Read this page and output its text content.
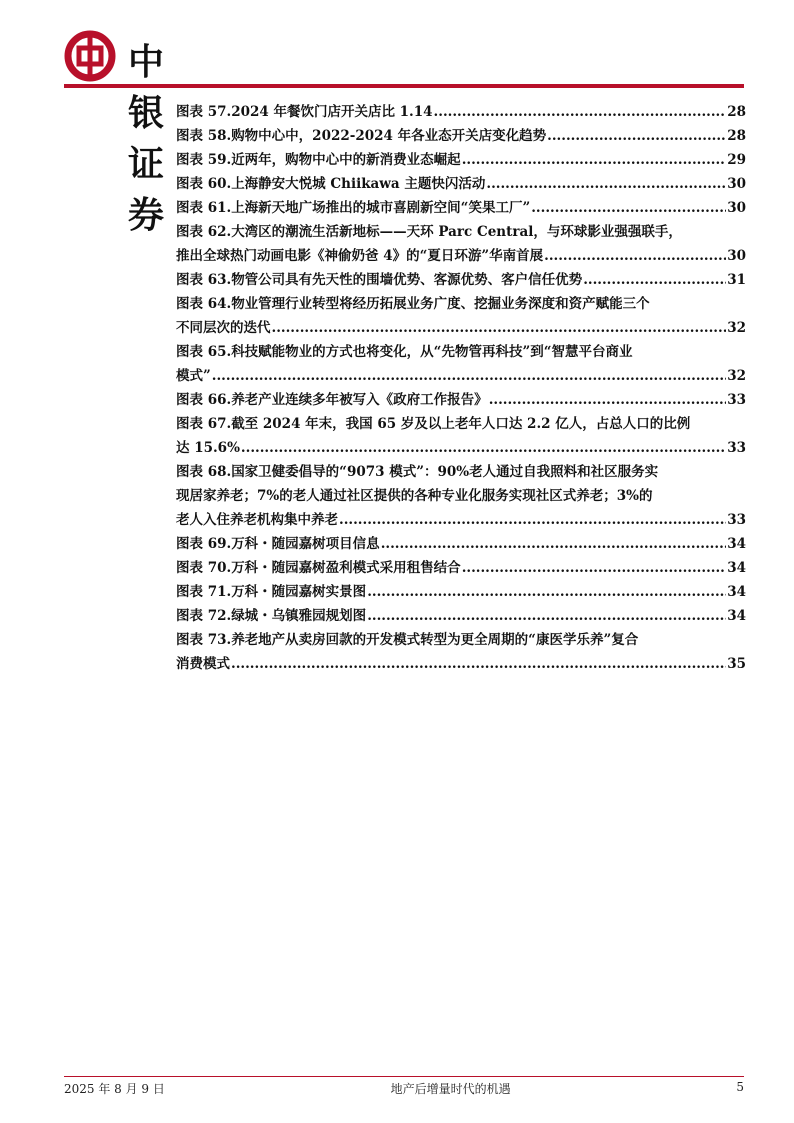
中银证券
图表 57. 2024 年餐饮门店开关店比 1.14 .....	28
图表 58. 购物中心中，2022-2024 年各业态开关店变化趋势 .....	28
图表 59. 近两年，购物中心中的新消费业态崛起 .....	29
图表 60. 上海静安大悦城 Chiikawa 主题快闪活动 .....	30
图表 61. 上海新天地广场推出的城市喜剧新空间“笑果工厂” .....	30
图表 62. 大湾区的潮流生活新地标——天环 Parc Central，与环球影业强强联手，
推出全球热门动画电影《神偷奶爸 4》的“夏日环游”华南首展 .....	30
图表 63. 物管公司具有先天性的围墙优势、客源优势、客户信任优势 .....	31
图表 64. 物业管理行业转型将经历拓展业务广度、挖掘业务深度和资产赋能三个
不同层次的迭代 .....	32
图表 65. 科技赋能物业的方式也将变化，从“先物管再科技”到“智慧平台商业
模式” .....	32
图表 66. 养老产业连续多年被写入《政府工作报告》 .....	33
图表 67. 截至 2024 年末，我国 65 岁及以上老年人口达 2.2 亿人，占总人口的比例
达 15.6% .....	33
图表 68. 国家卫健委倡导的“9073 模式”：90%老人通过自我照料和社区服务实
现居家养老；7%的老人通过社区提供的各种专业化服务实现社区式养老；3%的
老人入住养老机构集中养老 .....	33
图表 69. 万科・随园嘉树项目信息 .....	34
图表 70. 万科・随园嘉树盈利模式采用租售结合 .....	34
图表 71. 万科・随园嘉树实景图 .....	34
图表 72. 绿城・乌镇雅园规划图 .....	34
图表 73. 养老地产从卖房回款的开发模式转型为更全周期的“康医学乐养”复合
消费模式 .....	35
2025 年 8 月 9 日	地产后增量时代的机遇	5
